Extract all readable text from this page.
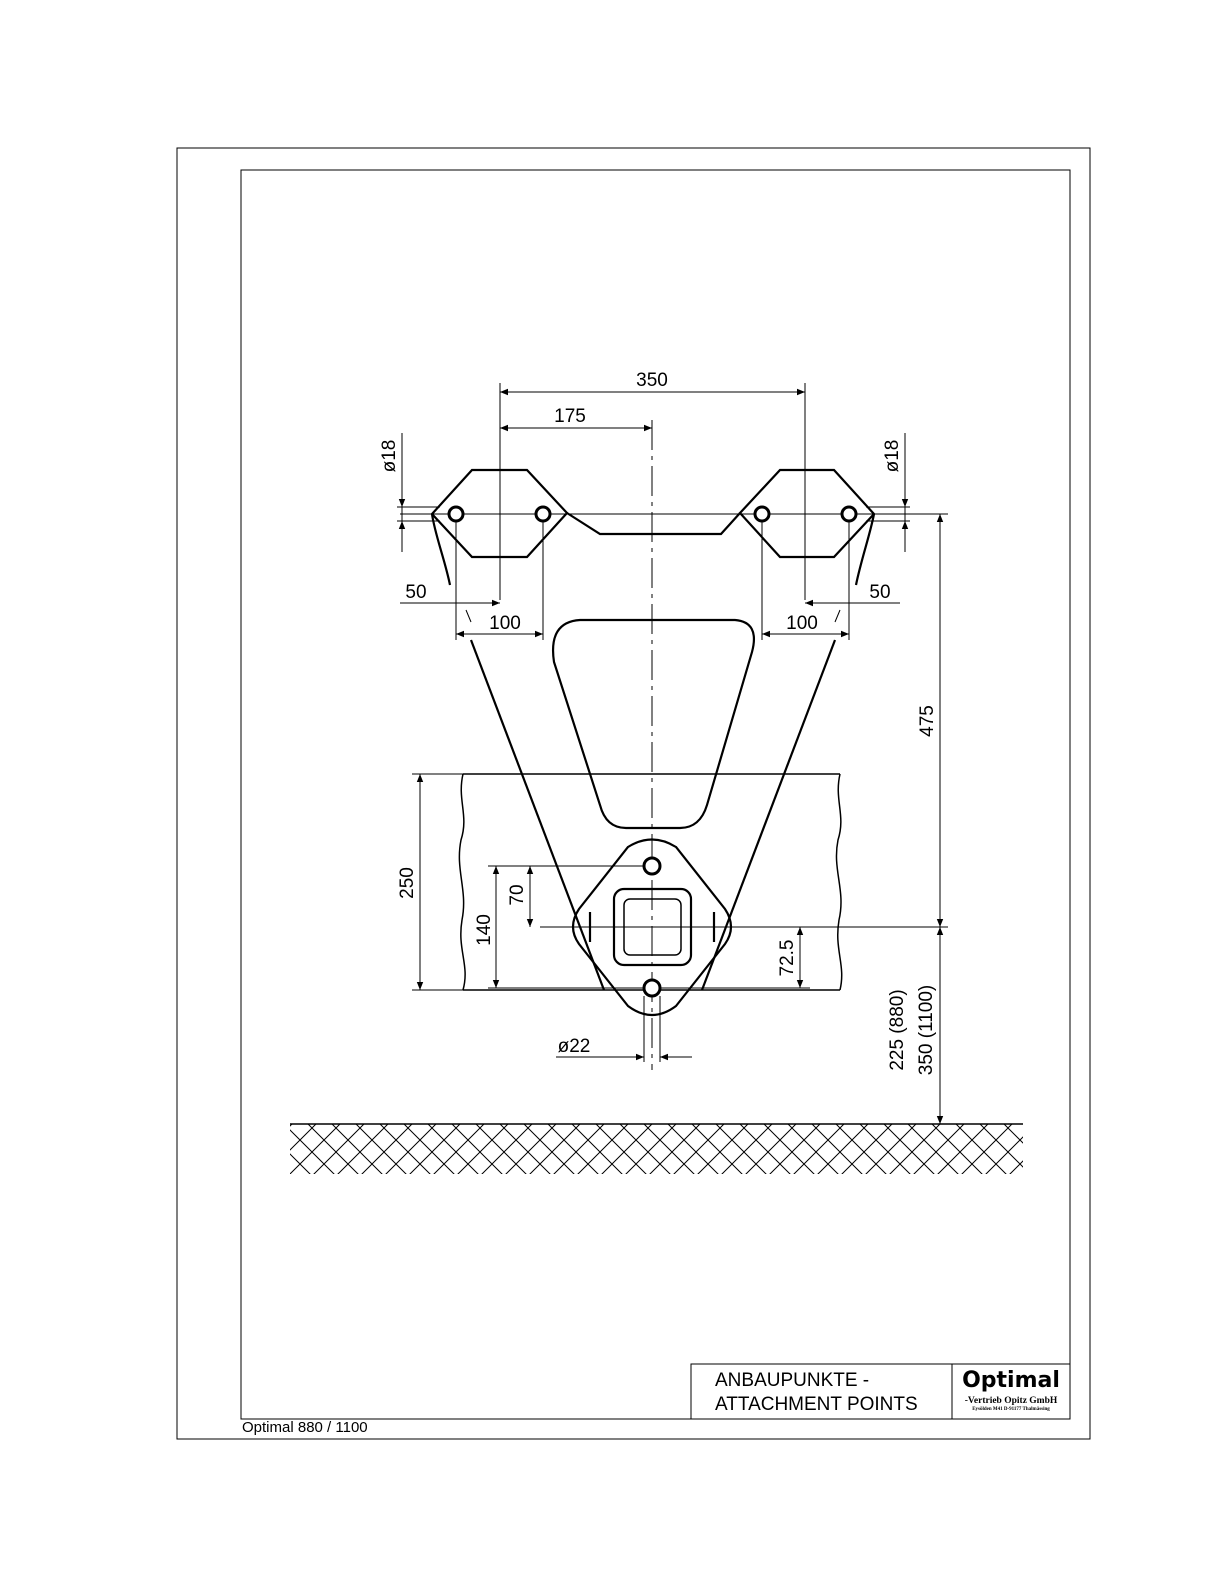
350
175
ø18	ø18
50	50
100	100
475
225 (880) 350 (1100)
250
140
70
72.5
ø22
ANBAUPUNKTE -
ATTACHMENT POINTS
Optimal
-Vertrieb Opitz GmbH
Eysölden M41 D-91177 Thalmässing
Optimal 880 / 1100
